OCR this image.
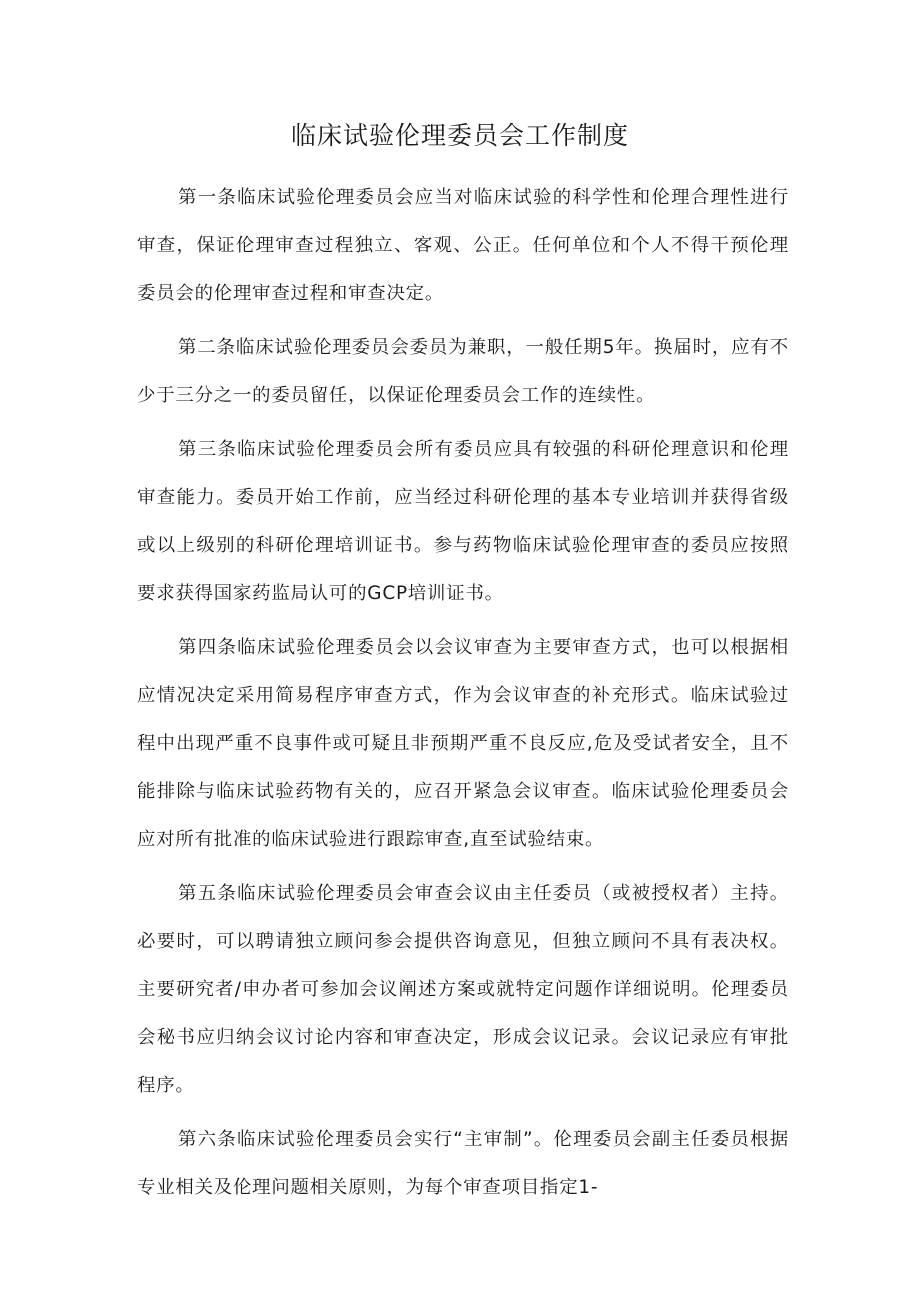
临床试验伦理委员会工作制度

第一条临床试验伦理委员会应当对临床试验的科学性和伦理合理性进行审查，保证伦理审查过程独立、客观、公正。任何单位和个人不得干预伦理委员会的伦理审查过程和审查决定。

第二条临床试验伦理委员会委员为兼职，一般任期5年。换届时，应有不少于三分之一的委员留任，以保证伦理委员会工作的连续性。

第三条临床试验伦理委员会所有委员应具有较强的科研伦理意识和伦理审查能力。委员开始工作前，应当经过科研伦理的基本专业培训并获得省级或以上级别的科研伦理培训证书。参与药物临床试验伦理审查的委员应按照要求获得国家药监局认可的GCP培训证书。

第四条临床试验伦理委员会以会议审查为主要审查方式，也可以根据相应情况决定采用简易程序审查方式，作为会议审查的补充形式。临床试验过程中出现严重不良事件或可疑且非预期严重不良反应,危及受试者安全，且不能排除与临床试验药物有关的，应召开紧急会议审查。临床试验伦理委员会应对所有批准的临床试验进行跟踪审查,直至试验结束。

第五条临床试验伦理委员会审查会议由主任委员（或被授权者）主持。必要时，可以聘请独立顾问参会提供咨询意见，但独立顾问不具有表决权。主要研究者/申办者可参加会议阐述方案或就特定问题作详细说明。伦理委员会秘书应归纳会议讨论内容和审查决定，形成会议记录。会议记录应有审批程序。

第六条临床试验伦理委员会实行“主审制”。伦理委员会副主任委员根据专业相关及伦理问题相关原则，为每个审查项目指定1-
